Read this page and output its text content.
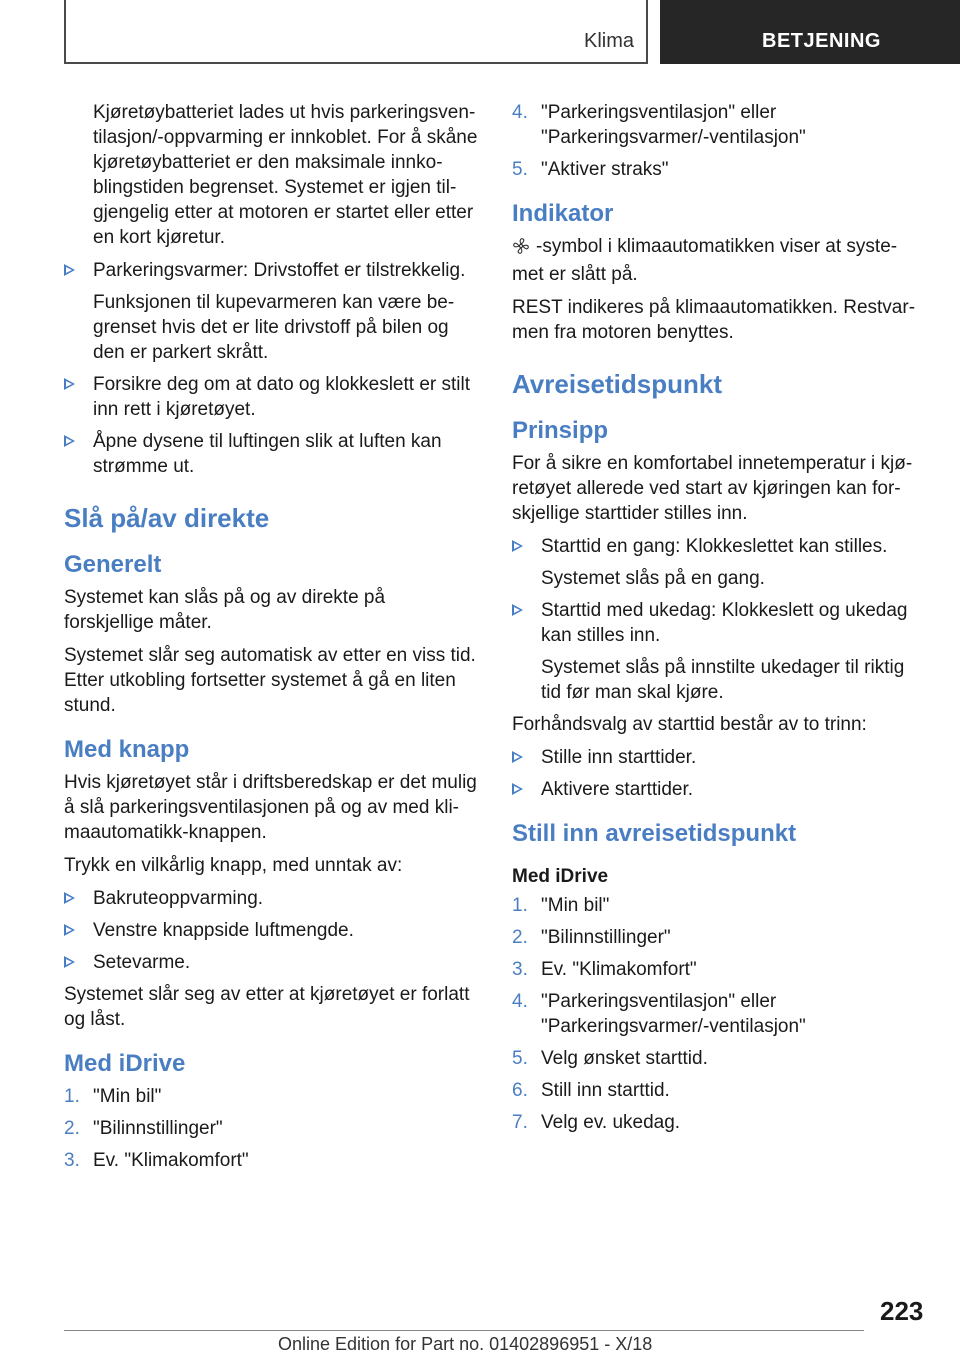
Klima	BETJENING

Kjøretøybatteriet lades ut hvis parkeringsven-tilasjon/-oppvarming er innkoblet. For å skåne kjøretøybatteriet er den maksimale innko-blingstiden begrenset. Systemet er igjen til-gjengelig etter at motoren er startet eller etter en kort kjøretur.

Parkeringsvarmer: Drivstoffet er tilstrekkelig.

Funksjonen til kupevarmeren kan være be-grenset hvis det er lite drivstoff på bilen og den er parkert skrått.

Forsikre deg om at dato og klokkeslett er stilt inn rett i kjøretøyet.
Åpne dysene til luftingen slik at luften kan strømme ut.
Slå på/av direkte
Generelt

Systemet kan slås på og av direkte på forskjellige måter.

Systemet slår seg automatisk av etter en viss tid. Etter utkobling fortsetter systemet å gå en liten stund.

Med knapp

Hvis kjøretøyet står i driftsberedskap er det mulig å slå parkeringsventilasjonen på og av med kli-maautomatikk-knappen.

Trykk en vilkårlig knapp, med unntak av:

Bakruteoppvarming.
Venstre knappside luftmengde.
Setevarme.

Systemet slår seg av etter at kjøretøyet er forlatt og låst.

Med iDrive
1. "Min bil"
2. "Bilinnstillinger"
3. Ev. "Klimakomfort"
4. "Parkeringsventilasjon" eller "Parkeringsvarmer/-ventilasjon"
5. "Aktiver straks"
Indikator

-symbol i klimaautomatikken viser at syste-met er slått på.

REST indikeres på klimaautomatikken. Restvar-men fra motoren benyttes.

Avreisetidspunkt
Prinsipp

For å sikre en komfortabel innetemperatur i kjø-retøyet allerede ved start av kjøringen kan for-skjellige starttider stilles inn.

Starttid en gang: Klokkeslettet kan stilles.

Systemet slås på en gang.

Starttid med ukedag: Klokkeslett og ukedag kan stilles inn.

Systemet slås på innstilte ukedager til riktig tid før man skal kjøre.

Forhåndsvalg av starttid består av to trinn:

Stille inn starttider.
Aktivere starttider.
Still inn avreisetidspunkt
Med iDrive
1. "Min bil"
2. "Bilinnstillinger"
3. Ev. "Klimakomfort"
4. "Parkeringsventilasjon" eller "Parkeringsvarmer/-ventilasjon"
5. Velg ønsket starttid.
6. Still inn starttid.
7. Velg ev. ukedag.
223
Online Edition for Part no. 01402896951 - X/18
